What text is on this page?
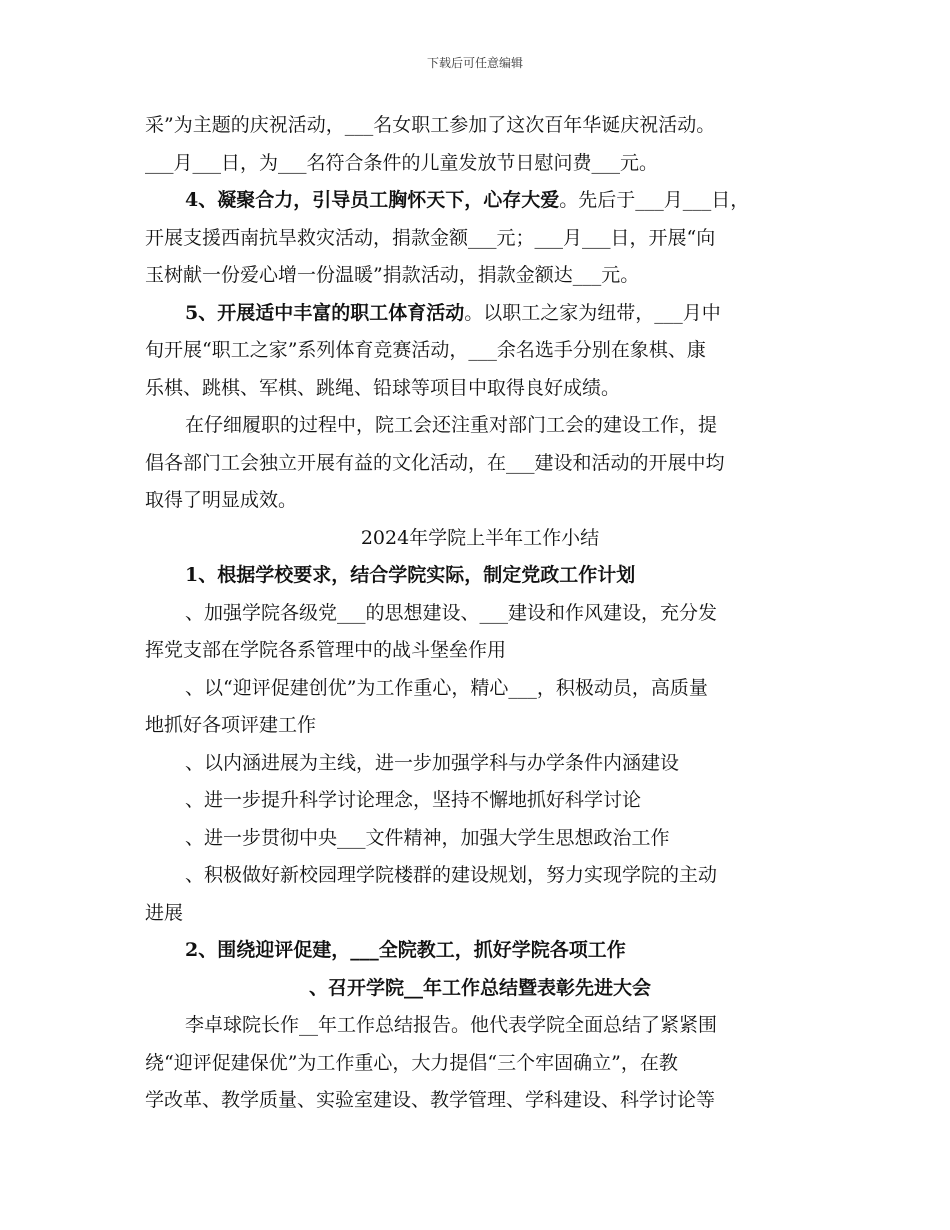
下载后可任意编辑
采”为主题的庆祝活动，___名女职工参加了这次百年华诞庆祝活动。
___月___日，为___名符合条件的儿童发放节日慰问费___元。
4、凝聚合力，引导员工胸怀天下，心存大爱。先后于___月___日，
开展支援西南抗旱救灾活动，捐款金额___元；___月___日，开展“向
玉树献一份爱心增一份温暖”捐款活动，捐款金额达___元。
5、开展适中丰富的职工体育活动。以职工之家为纽带，___月中
旬开展“职工之家”系列体育竞赛活动，___余名选手分别在象棋、康
乐棋、跳棋、军棋、跳绳、铅球等项目中取得良好成绩。
在仔细履职的过程中，院工会还注重对部门工会的建设工作，提
倡各部门工会独立开展有益的文化活动，在___建设和活动的开展中均
取得了明显成效。
2024年学院上半年工作小结
1、根据学校要求，结合学院实际，制定党政工作计划
、加强学院各级党___的思想建设、___建设和作风建设，充分发
挥党支部在学院各系管理中的战斗堡垒作用
、以“迎评促建创优”为工作重心，精心___，积极动员，高质量
地抓好各项评建工作
、以内涵进展为主线，进一步加强学科与办学条件内涵建设
、进一步提升科学讨论理念，坚持不懈地抓好科学讨论
、进一步贯彻中央___文件精神，加强大学生思想政治工作
、积极做好新校园理学院楼群的建设规划，努力实现学院的主动
进展
2、围绕迎评促建，___全院教工，抓好学院各项工作
、召开学院__年工作总结暨表彰先进大会
李卓球院长作__年工作总结报告。他代表学院全面总结了紧紧围
绕“迎评促建保优”为工作重心，大力提倡“三个牢固确立”，在教
学改革、教学质量、实验室建设、教学管理、学科建设、科学讨论等
